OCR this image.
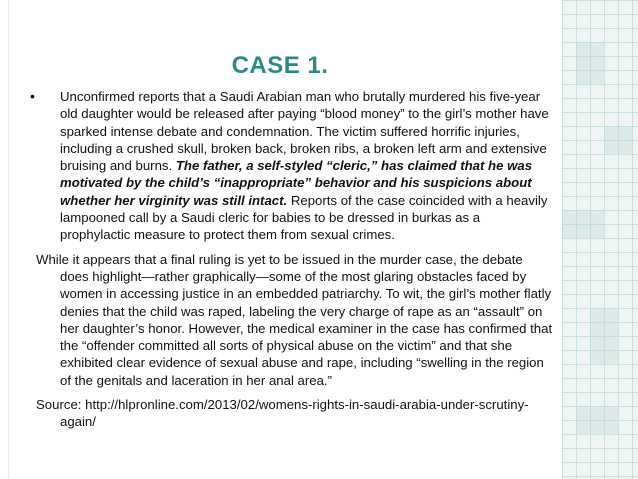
CASE 1.

• Unconfirmed reports that a Saudi Arabian man who brutally murdered his five-year old daughter would be released after paying “blood money” to the girl’s mother have sparked intense debate and condemnation. The victim suffered horrific injuries, including a crushed skull, broken back, broken ribs, a broken left arm and extensive bruising and burns. The father, a self-styled “cleric,” has claimed that he was motivated by the child’s “inappropriate” behavior and his suspicions about whether her virginity was still intact. Reports of the case coincided with a heavily lampooned call by a Saudi cleric for babies to be dressed in burkas as a prophylactic measure to protect them from sexual crimes.

While it appears that a final ruling is yet to be issued in the murder case, the debate does highlight—rather graphically—some of the most glaring obstacles faced by women in accessing justice in an embedded patriarchy. To wit, the girl’s mother flatly denies that the child was raped, labeling the very charge of rape as an “assault” on her daughter’s honor. However, the medical examiner in the case has confirmed that the “offender committed all sorts of physical abuse on the victim” and that she exhibited clear evidence of sexual abuse and rape, including “swelling in the region of the genitals and laceration in her anal area.”

Source: http://hlpronline.com/2013/02/womens-rights-in-saudi-arabia-under-scrutiny-again/
